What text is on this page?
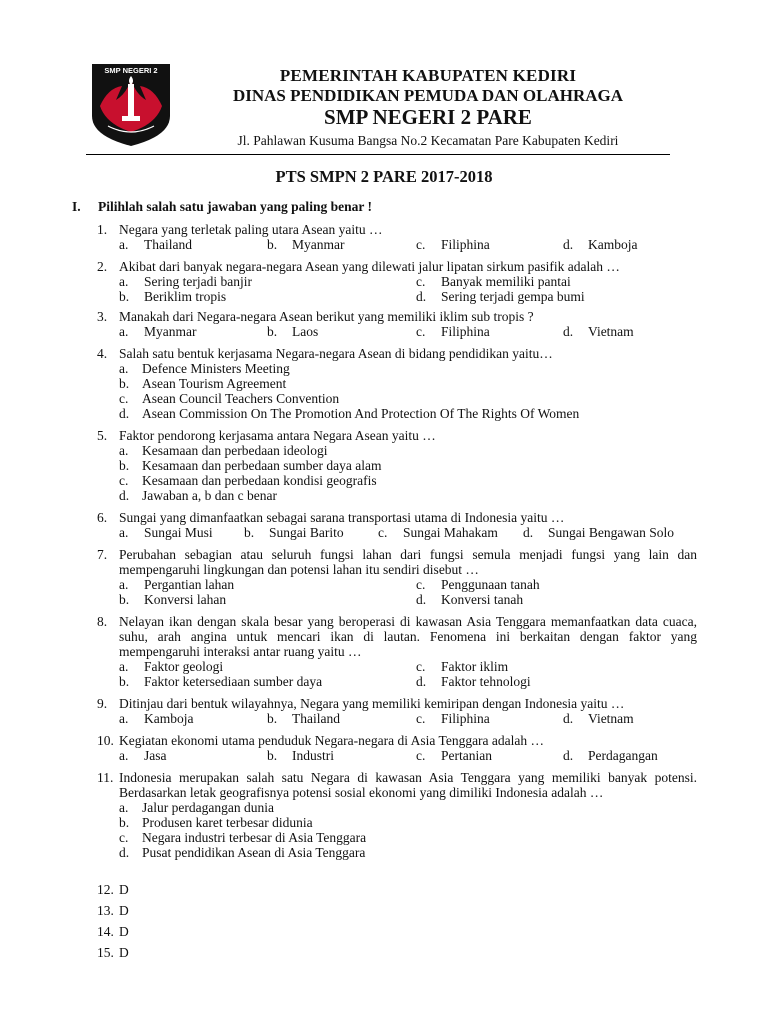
SMP NEGERI 2	PEMERINTAH KABUPATEN KEDIRI
DINAS PENDIDIKAN PEMUDA DAN OLAHRAGA
SMP NEGERI 2 PARE
Jl. Pahlawan Kusuma Bangsa No.2 Kecamatan Pare Kabupaten Kediri
PTS SMPN 2 PARE 2017-2018
I. Pilihlah salah satu jawaban yang paling benar !
1. Negara yang terletak paling utara Asean yaitu …
a. Thailand	b. Myanmar	c. Filiphina	d. Kamboja
2. Akibat dari banyak negara-negara Asean yang dilewati jalur lipatan sirkum pasifik adalah …
a. Sering terjadi banjir	c. Banyak memiliki pantai
b. Beriklim tropis	d. Sering terjadi gempa bumi
3. Manakah dari Negara-negara Asean berikut yang memiliki iklim sub tropis ?
a. Myanmar	b. Laos	c. Filiphina	d. Vietnam
4. Salah satu bentuk kerjasama Negara-negara Asean di bidang pendidikan yaitu…
a. Defence Ministers Meeting
b. Asean Tourism Agreement
c. Asean Council Teachers Convention
d. Asean Commission On The Promotion And Protection Of The Rights Of Women
5. Faktor pendorong kerjasama antara Negara Asean yaitu …
a. Kesamaan dan perbedaan ideologi
b. Kesamaan dan perbedaan sumber daya alam
c. Kesamaan dan perbedaan kondisi geografis
d. Jawaban a, b dan c benar
6. Sungai yang dimanfaatkan sebagai sarana transportasi utama di Indonesia yaitu …
a. Sungai Musi b. Sungai Barito	c. Sungai Mahakam d. Sungai Bengawan Solo
7. Perubahan sebagian atau seluruh fungsi lahan dari fungsi semula menjadi fungsi yang lain dan mempengaruhi lingkungan dan potensi lahan itu sendiri disebut …
a. Pergantian lahan	c. Penggunaan tanah
b. Konversi lahan	d. Konversi tanah
8. Nelayan ikan dengan skala besar yang beroperasi di kawasan Asia Tenggara memanfaatkan data cuaca, suhu, arah angina untuk mencari ikan di lautan. Fenomena ini berkaitan dengan faktor yang mempengaruhi interaksi antar ruang yaitu …
a. Faktor geologi	c. Faktor iklim
b. Faktor ketersediaan sumber daya	d. Faktor tehnologi
9. Ditinjau dari bentuk wilayahnya, Negara yang memiliki kemiripan dengan Indonesia yaitu …
a. Kamboja	b. Thailand	c. Filiphina	d. Vietnam
10. Kegiatan ekonomi utama penduduk Negara-negara di Asia Tenggara adalah …
a. Jasa	b. Industri	c. Pertanian	d. Perdagangan
11. Indonesia merupakan salah satu Negara di kawasan Asia Tenggara yang memiliki banyak potensi. Berdasarkan letak geografisnya potensi sosial ekonomi yang dimiliki Indonesia adalah …
a. Jalur perdagangan dunia
b. Produsen karet terbesar didunia
c. Negara industri terbesar di Asia Tenggara
d. Pusat pendidikan Asean di Asia Tenggara
12. D
13. D
14. D
15. D
